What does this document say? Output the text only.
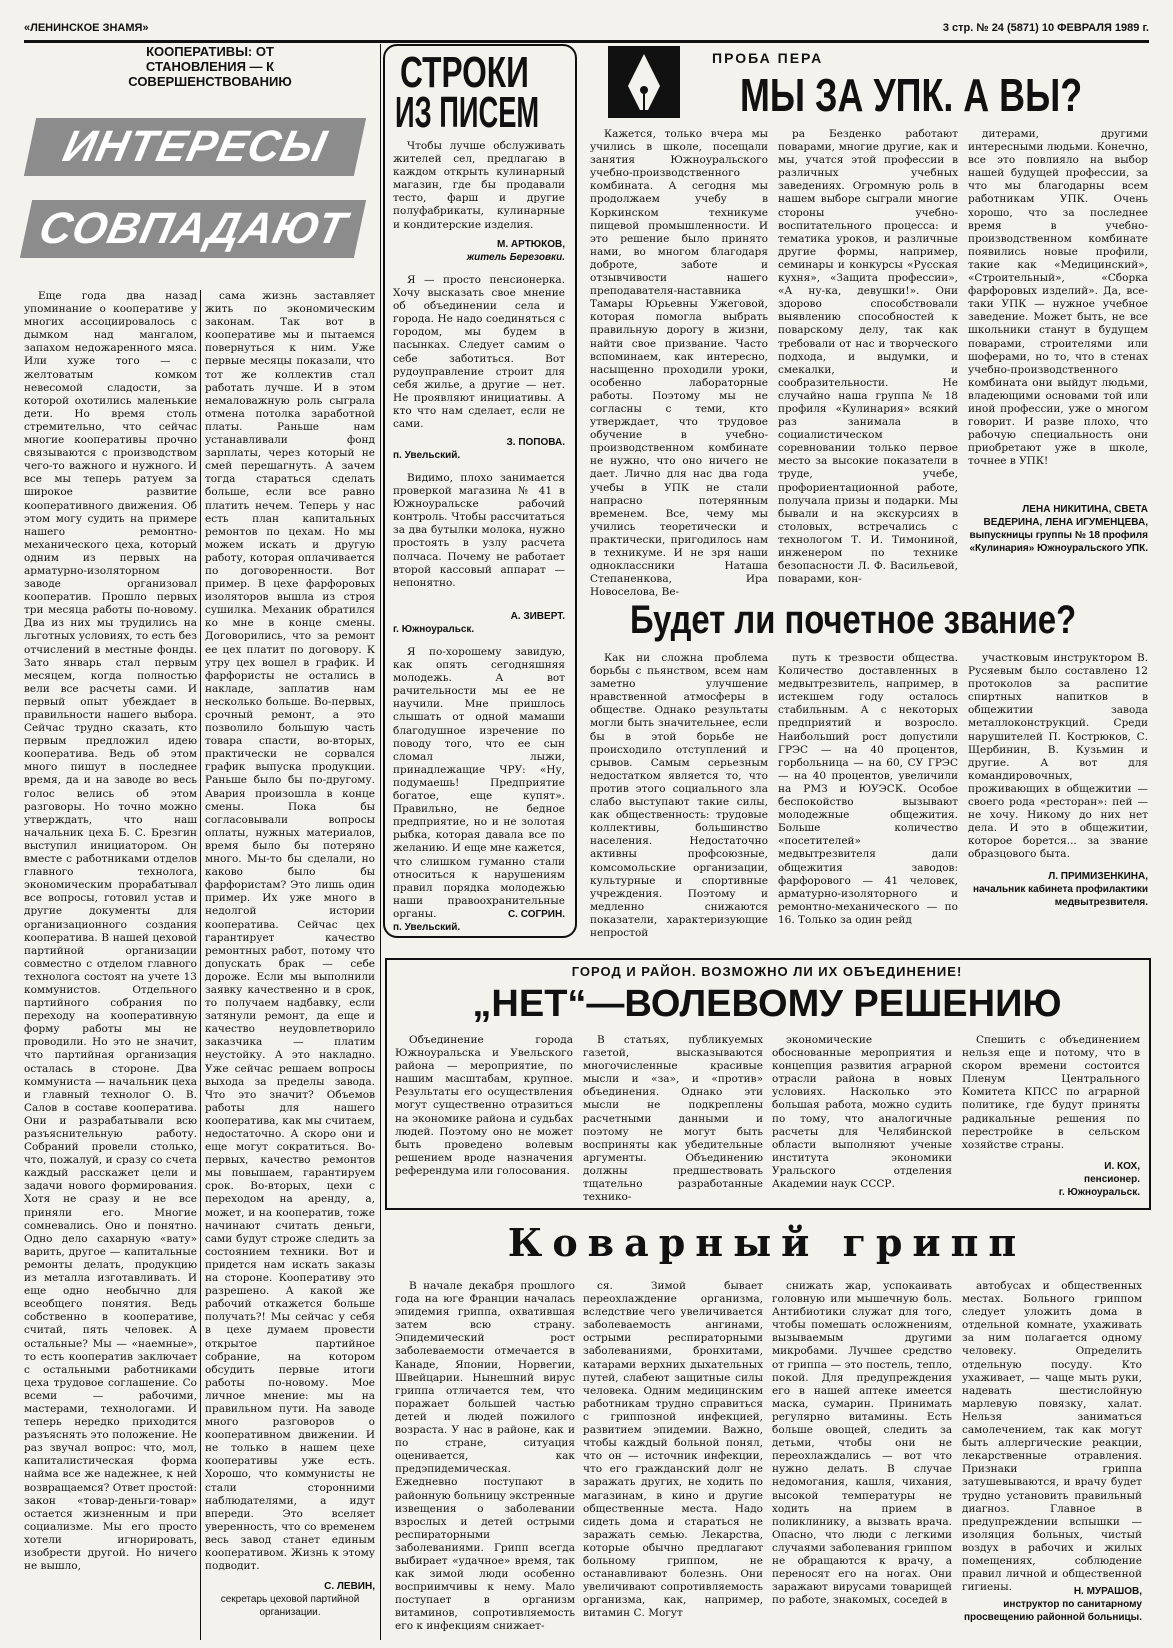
«ЛЕНИНСКОЕ ЗНАМЯ»	3 стр. № 24 (5871) 10 ФЕВРАЛЯ 1989 г.
КООПЕРАТИВЫ: ОТ СТАНОВЛЕНИЯ — К СОВЕРШЕНСТВОВАНИЮ
ИНТЕРЕСЫ
СОВПАДАЮТ

Еще года два назад упоминание о кооперативе у многих ассоциировалось с дымком над мангалом, запахом недожаренного мяса. Или хуже того — с желтоватым комком невесомой сладости, за которой охотились маленькие дети. Но время столь стремительно, что сейчас многие кооперативы прочно связываются с производством чего-то важного и нужного. И все мы теперь ратуем за широкое развитие кооперативного движения. Об этом могу судить на примере нашего ремонтно-механического цеха, который одним из первых на арматурно-изоляторном заводе организовал кооператив. Прошло первых три месяца работы по-новому. Два из них мы трудились на льготных условиях, то есть без отчислений в местные фонды. Зато январь стал первым месяцем, когда полностью вели все расчеты сами. И первый опыт убеждает в правильности нашего выбора. Сейчас трудно сказать, кто первым предложил идею кооператива. Ведь об этом много пишут в последнее время, да и на заводе во весь голос велись об этом разговоры. Но точно можно утверждать, что наш начальник цеха Б. С. Брезгин выступил инициатором. Он вместе с работниками отделов главного технолога, экономическим прорабатывал все вопросы, готовил устав и другие документы для организационного создания кооператива. В нашей цеховой партийной организации совместно с отделом главного технолога состоят на учете 13 коммунистов. Отдельного партийного собрания по переходу на кооперативную форму работы мы не проводили. Но это не значит, что партийная организация осталась в стороне. Два коммуниста — начальник цеха и главный технолог О. В. Салов в составе кооператива. Они и разрабатывали всю разъяснительную работу. Собраний провели столько, что, пожалуй, и сразу со счета каждый расскажет цели и задачи нового формирования. Хотя не сразу и не все приняли его. Многие сомневались. Оно и понятно. Одно дело сахарную «вату» варить, другое — капитальные ремонты делать, продукцию из металла изготавливать. И еще одно необычно для всеобщего понятия. Ведь собственно в кооперативе, считай, пять человек. А остальные? Мы — «наемные», то есть кооператив заключает с остальными работниками цеха трудовое соглашение. Со всеми — рабочими, мастерами, технологами. И теперь нередко приходится разъяснять это положение. Не раз звучал вопрос: что, мол, капиталистическая форма найма все же надежнее, к ней возвращаемся? Ответ простой: закон «товар-деньги-товар» остается жизненным и при социализме. Мы его просто хотели игнорировать, изобрести другой. Но ничего не вышло,

сама жизнь заставляет жить по экономическим законам. Так вот в кооперативе мы и пытаемся повернуться к ним. Уже первые месяцы показали, что тот же коллектив стал работать лучше. И в этом немаловажную роль сыграла отмена потолка заработной платы. Раньше нам устанавливали фонд зарплаты, через который не смей перешагнуть. А зачем тогда стараться сделать больше, если все равно платить нечем. Теперь у нас есть план капитальных ремонтов по цехам. Но мы можем искать и другую работу, которая оплачивается по договоренности. Вот пример. В цехе фарфоровых изоляторов вышла из строя сушилка. Механик обратился ко мне в конце смены. Договорились, что за ремонт ее цех платит по договору. К утру цех вошел в график. И фарфористы не остались в накладе, заплатив нам несколько больше. Во-первых, срочный ремонт, а это позволило большую часть товара спасти, во-вторых, практически не сорвался график выпуска продукции. Раньше было бы по-другому. Авария произошла в конце смены. Пока бы согласовывали вопросы оплаты, нужных материалов, время было бы потеряно много. Мы-то бы сделали, но каково было бы фарфористам? Это лишь один пример. Их уже много в недолгой истории кооператива. Сейчас цех гарантирует качество ремонтных работ, потому что допускать брак — себе дороже. Если мы выполнили заявку качественно и в срок, то получаем надбавку, если затянули ремонт, да еще и качество неудовлетворило заказчика — платим неустойку. А это накладно. Уже сейчас решаем вопросы выхода за пределы завода. Что это значит? Объемов работы для нашего кооператива, как мы считаем, недостаточно. А скоро они и еще могут сократиться. Во-первых, качество ремонтов мы повышаем, гарантируем срок. Во-вторых, цехи с переходом на аренду, а, может, и на кооператив, тоже начинают считать деньги, сами будут строже следить за состоянием техники. Вот и придется нам искать заказы на стороне. Кооперативу это разрешено. А какой же рабочий откажется больше получать?! Мы сейчас у себя в цехе думаем провести открытое партийное собрание, на котором обсудить первые итоги работы по-новому. Мое личное мнение: мы на правильном пути. На заводе много разговоров о кооперативном движении. И не только в нашем цехе кооперативы уже есть. Хорошо, что коммунисты не стали сторонними наблюдателями, а идут впереди. Это вселяет уверенность, что со временем весь завод станет единым кооперативом. Жизнь к этому подводит.

С. ЛЕВИН,
секретарь цеховой партийной организации.
СТРОКИ
ИЗ ПИСЕМ

Чтобы лучше обслуживать жителей сел, предлагаю в каждом открыть кулинарный магазин, где бы продавали тесто, фарш и другие полуфабрикаты, кулинарные и кондитерские изделия.

М. АРТЮКОВ,
житель Березовки.

Я — просто пенсионерка. Хочу высказать свое мнение об объединении села и города. Не надо соединяться с городом, мы будем в пасынках. Следует самим о себе заботиться. Вот рудоуправление строит для себя жилье, а другие — нет. Не проявляют инициативы. А кто что нам сделает, если не сами.

З. ПОПОВА.
п. Увельский.

Видимо, плохо занимается проверкой магазина № 41 в Южноуральске рабочий контроль. Чтобы рассчитаться за два бутылки молока, нужно простоять в узлу расчета полчаса. Почему не работает второй кассовый аппарат — непонятно.

А. ЗИВЕРТ.
г. Южноуральск.

Я по-хорошему завидую, как опять сегодняшняя молодежь. А вот рачительности мы ее не научили. Мне пришлось слышать от одной мамаши благодушное изречение по поводу того, что ее сын сломал лыжи, принадлежащие ЧРУ: «Ну, подумаешь! Предприятие богатое, еще купят». Правильно, не бедное предприятие, но и не золотая рыбка, которая давала все по желанию. И еще мне кажется, что слишком гуманно стали относиться к нарушениям правил порядка молодежью наши правоохранительные органы.	С. СОГРИН.
п. Увельский.
ПРОБА ПЕРА
МЫ ЗА УПК. А ВЫ?

Кажется, только вчера мы учились в школе, посещали занятия Южноуральского учебно-производственного комбината. А сегодня мы продолжаем учебу в Коркинском техникуме пищевой промышленности. И это решение было принято нами, во многом благодаря доброте, заботе и отзывчивости нашего преподавателя-наставника Тамары Юрьевны Ужеговой, которая помогла выбрать правильную дорогу в жизни, найти свое призвание. Часто вспоминаем, как интересно, насыщенно проходили уроки, особенно лабораторные работы. Поэтому мы не согласны с теми, кто утверждает, что трудовое обучение в учебно-производственном комбинате не нужно, что оно ничего не дает. Лично для нас два года учебы в УПК не стали напрасно потерянным временем. Все, чему мы учились теоретически и практически, пригодилось нам в техникуме. И не зря наши одноклассники Наташа Степаненкова, Ира Новоселова, Ве-

ра Безденко работают поварами, многие другие, как и мы, учатся этой профессии в различных учебных заведениях. Огромную роль в нашем выборе сыграли многие стороны учебно-воспитательного процесса: и тематика уроков, и различные другие формы, например, семинары и конкурсы «Русская кухня», «Защита профессии», «А ну-ка, девушки!». Они здорово способствовали выявлению способностей к поварскому делу, так как требовали от нас и творческого подхода, и выдумки, и смекалки, и сообразительности. Не случайно наша группа № 18 профиля «Кулинария» всякий раз занимала в социалистическом соревновании только первое место за высокие показатели в труде, учебе, профориентационной работе, получала призы и подарки. Мы бывали и на экскурсиях в столовых, встречались с технологом Т. И. Тимониной, инженером по технике безопасности Л. Ф. Васильевой, поварами, кон-

дитерами, другими интересными людьми. Конечно, все это повлияло на выбор нашей будущей профессии, за что мы благодарны всем работникам УПК. Очень хорошо, что за последнее время в учебно-производственном комбинате появились новые профили, такие как «Медицинский», «Строительный», «Сборка фарфоровых изделий». Да, все-таки УПК — нужное учебное заведение. Может быть, не все школьники станут в будущем поварами, строителями или шоферами, но то, что в стенах учебно-производственного комбината они выйдут людьми, владеющими основами той или иной профессии, уже о многом говорит. И разве плохо, что рабочую специальность они приобретают уже в школе, точнее в УПК!

ЛЕНА НИКИТИНА, СВЕТА ВЕДЕРИНА, ЛЕНА ИГУМЕНЦЕВА,
выпускницы группы № 18 профиля «Кулинария» Южноуральского УПК.
Будет ли почетное звание?

Как ни сложна проблема борьбы с пьянством, всем нам заметно улучшение нравственной атмосферы в обществе. Однако результаты могли быть значительнее, если бы в этой борьбе не происходило отступлений и срывов. Самым серьезным недостатком является то, что против этого социального зла слабо выступают такие силы, как общественность: трудовые коллективы, большинство населения. Недостаточно активны профсоюзные, комсомольские организации, культурные и спортивные учреждения. Поэтому и медленно снижаются показатели, характеризующие непростой

путь к трезвости общества. Количество доставленных в медвытрезвитель, например, в истекшем году осталось стабильным. А с некоторых предприятий и возросло. Наибольший рост допустили ГРЭС — на 40 процентов, горбольница — на 60, СУ ГРЭС — на 40 процентов, увеличили на РМЗ и ЮУЭСК. Особое беспокойство вызывают молодежные общежития. Больше количество «посетителей» медвытрезвителя дали общежития заводов: фарфорового — 41 человек, арматурно-изоляторного и ремонтно-механического — по 16. Только за один рейд

участковым инструктором В. Русяевым было составлено 12 протоколов за распитие спиртных напитков в общежитии завода металлоконструкций. Среди нарушителей П. Кострюков, С. Щербинин, В. Кузьмин и другие. А вот для командировочных, проживающих в общежитии — своего рода «ресторан»: пей — не хочу. Никому до них нет дела. И это в общежитии, которое борется... за звание образцового быта.

Л. ПРИМИЗЕНКИНА,
начальник кабинета профилактики медвытрезвителя.
ГОРОД И РАЙОН. ВОЗМОЖНО ЛИ ИХ ОБЪЕДИНЕНИЕ!
„НЕТ“—ВОЛЕВОМУ РЕШЕНИЮ

Объединение города Южноуральска и Увельского района — мероприятие, по нашим масштабам, крупное. Результаты его осуществления могут существенно отразиться на экономике района и судьбах людей. Поэтому оно не может быть проведено волевым решением вроде назначения референдума или голосования.

В статьях, публикуемых газетой, высказываются многочисленные красивые мысли и «за», и «против» объединения. Однако эти мысли не подкреплены расчетными данными и поэтому не могут быть восприняты как убедительные аргументы. Объединению должны предшествовать тщательно разработанные технико-

экономические обоснованные мероприятия и концепция развития аграрной отрасли района в новых условиях. Насколько это большая работа, можно судить по тому, что аналогичные расчеты для Челябинской области выполняют ученые института экономики Уральского отделения Академии наук СССР.

Спешить с объединением нельзя еще и потому, что в скором времени состоится Пленум Центрального Комитета КПСС по аграрной политике, где будут приняты радикальные решения по перестройке в сельском хозяйстве страны.

И. КОХ,
пенсионер.
г. Южноуральск.
Коварный грипп

В начале декабря прошлого года на юге Франции началась эпидемия гриппа, охватившая затем всю страну. Эпидемический рост заболеваемости отмечается в Канаде, Японии, Норвегии, Швейцарии. Нынешний вирус гриппа отличается тем, что поражает большей частью детей и людей пожилого возраста. У нас в районе, как и по стране, ситуация оценивается, как предэпидемическая. Ежедневно поступают в районную больницу экстренные извещения о заболевании взрослых и детей острыми респираторными заболеваниями. Грипп всегда выбирает «удачное» время, так как зимой люди особенно восприимчивы к нему. Мало поступает в организм витаминов, сопротивляемость его к инфекциям снижает-

ся. Зимой бывает переохлаждение организма, вследствие чего увеличивается заболеваемость ангинами, острыми респираторными заболеваниями, бронхитами, катарами верхних дыхательных путей, слабеют защитные силы человека. Одним медицинским работникам трудно справиться с гриппозной инфекцией, развитием эпидемии. Важно, чтобы каждый больной понял, что он — источник инфекции, что его гражданский долг не заражать других, не ходить по магазинам, в кино и другие общественные места. Надо сидеть дома и стараться не заражать семью. Лекарства, которые обычно предлагают больному гриппом, не останавливают болезнь. Они увеличивают сопротивляемость организма, как, например, витамин С. Могут

снижать жар, успокаивать головную или мышечную боль. Антибиотики служат для того, чтобы помешать осложнениям, вызываемым другими микробами. Лучшее средство от гриппа — это постель, тепло, покой. Для предупреждения его в нашей аптеке имеется маска, сумарин. Принимать регулярно витамины. Есть больше овощей, следить за детьми, чтобы они не переохлаждались — вот что нужно делать. В случае недомогания, кашля, чихания, высокой температуры не ходить на прием в поликлинику, а вызвать врача. Опасно, что люди с легкими случаями заболевания гриппом не обращаются к врачу, а переносят его на ногах. Они заражают вирусами товарищей по работе, знакомых, соседей в

автобусах и общественных местах. Больного гриппом следует уложить дома в отдельной комнате, ухаживать за ним полагается одному человеку. Определить отдельную посуду. Кто ухаживает, — чаще мыть руки, надевать шестислойную марлевую повязку, халат. Нельзя заниматься самолечением, так как могут быть аллергические реакции, лекарственные отравления. Признаки гриппа затушевываются, и врачу будет трудно установить правильный диагноз. Главное в предупреждении вспышки — изоляция больных, чистый воздух в рабочих и жилых помещениях, соблюдение правил личной и общественной гигиены.	Н. МУРАШОВ,
инструктор по санитарному просвещению районной больницы.
